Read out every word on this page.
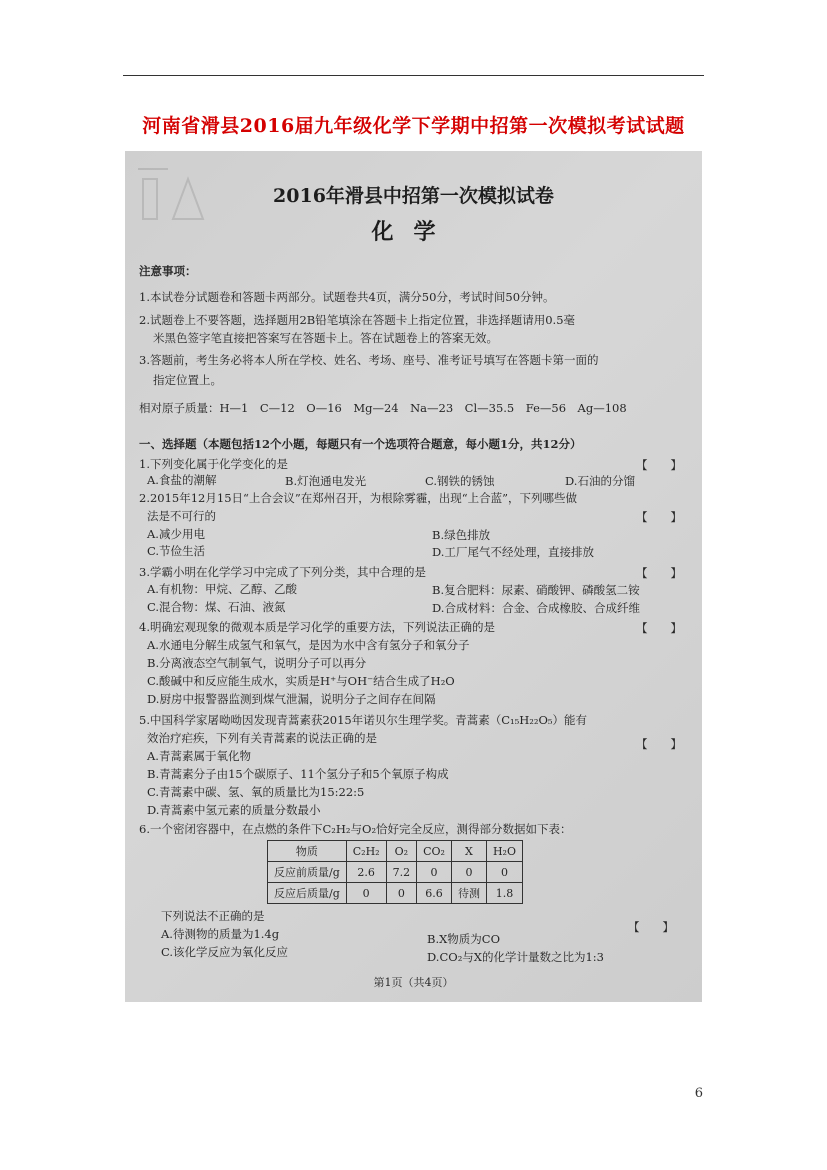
河南省滑县2016届九年级化学下学期中招第一次模拟考试试题
2016年滑县中招第一次模拟试卷
化学
注意事项：
1.本试卷分试题卷和答题卡两部分。试题卷共4页，满分50分，考试时间50分钟。
2.试题卷上不要答题，选择题用2B铅笔填涂在答题卡上指定位置，非选择题请用0.5毫
米黑色签字笔直接把答案写在答题卡上。答在试题卷上的答案无效。
3.答题前，考生务必将本人所在学校、姓名、考场、座号、准考证号填写在答题卡第一面的
指定位置上。
相对原子质量：H—1　C—12　O—16　Mg—24　Na—23　Cl—35.5　Fe—56　Ag—108
一、选择题（本题包括12个小题，每题只有一个选项符合题意，每小题1分，共12分）
1.下列变化属于化学变化的是	【　　】
A.食盐的潮解	B.灯泡通电发光	C.钢铁的锈蚀	D.石油的分馏
2.2015年12月15日“上合会议”在郑州召开，为根除雾霾，出现“上合蓝”，下列哪些做
法是不可行的	【　　】
A.减少用电	B.绿色排放
C.节俭生活	D.工厂尾气不经处理，直接排放
3.学霸小明在化学学习中完成了下列分类，其中合理的是	【　　】
A.有机物：甲烷、乙醇、乙酸	B.复合肥料：尿素、硝酸钾、磷酸氢二铵
C.混合物：煤、石油、液氮	D.合成材料：合金、合成橡胶、合成纤维
4.明确宏观现象的微观本质是学习化学的重要方法，下列说法正确的是	【　　】
A.水通电分解生成氢气和氧气，是因为水中含有氢分子和氧分子
B.分离液态空气制氧气，说明分子可以再分
C.酸碱中和反应能生成水，实质是H⁺与OH⁻结合生成了H₂O
D.厨房中报警器监测到煤气泄漏，说明分子之间存在间隔
5.中国科学家屠呦呦因发现青蒿素获2015年诺贝尔生理学奖。青蒿素（C₁₅H₂₂O₅）能有
效治疗疟疾，下列有关青蒿素的说法正确的是	【　　】
A.青蒿素属于氧化物
B.青蒿素分子由15个碳原子、11个氢分子和5个氧原子构成
C.青蒿素中碳、氢、氧的质量比为15:22:5
D.青蒿素中氢元素的质量分数最小
6.一个密闭容器中，在点燃的条件下C₂H₂与O₂恰好完全反应，测得部分数据如下表：
物质	C₂H₂	O₂	CO₂	X	H₂O
反应前质量/g	2.6	7.2	0	0	0
反应后质量/g	0	0	6.6	待测	1.8
下列说法不正确的是
【　　】
A.待测物的质量为1.4g	B.X物质为CO
C.该化学反应为氧化反应	D.CO₂与X的化学计量数之比为1:3
第1页（共4页）
6
